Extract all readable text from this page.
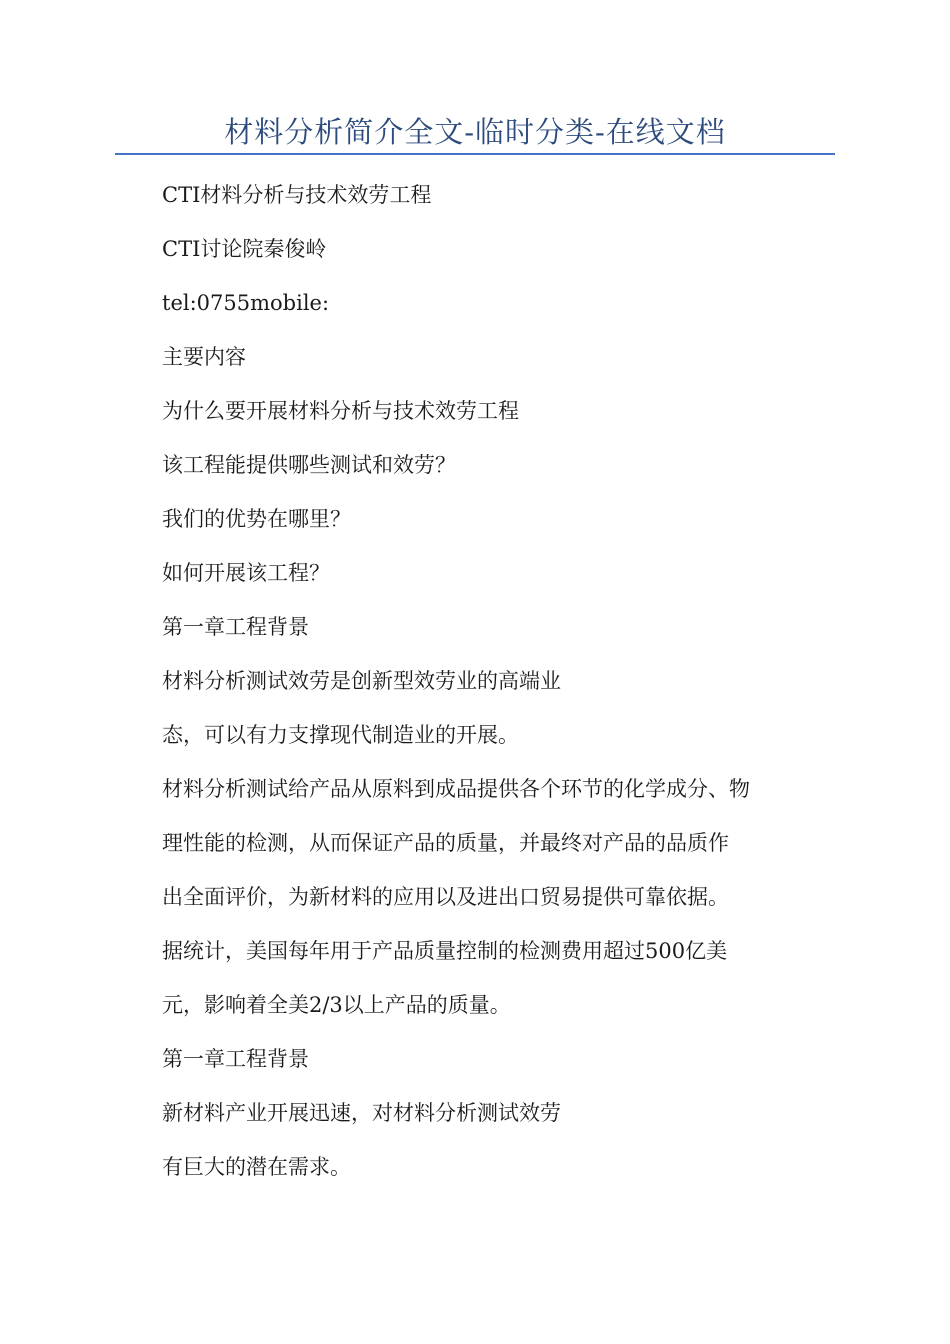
材料分析简介全文-临时分类-在线文档
CTI材料分析与技术效劳工程
CTI讨论院秦俊岭
tel:0755mobile:
主要内容
为什么要开展材料分析与技术效劳工程
该工程能提供哪些测试和效劳？
我们的优势在哪里？
如何开展该工程？
第一章工程背景
材料分析测试效劳是创新型效劳业的高端业
态，可以有力支撑现代制造业的开展。
材料分析测试给产品从原料到成品提供各个环节的化学成分、物
理性能的检测，从而保证产品的质量，并最终对产品的品质作
出全面评价，为新材料的应用以及进出口贸易提供可靠依据。
据统计，美国每年用于产品质量控制的检测费用超过500亿美
元，影响着全美2/3以上产品的质量。
第一章工程背景
新材料产业开展迅速，对材料分析测试效劳
有巨大的潜在需求。
